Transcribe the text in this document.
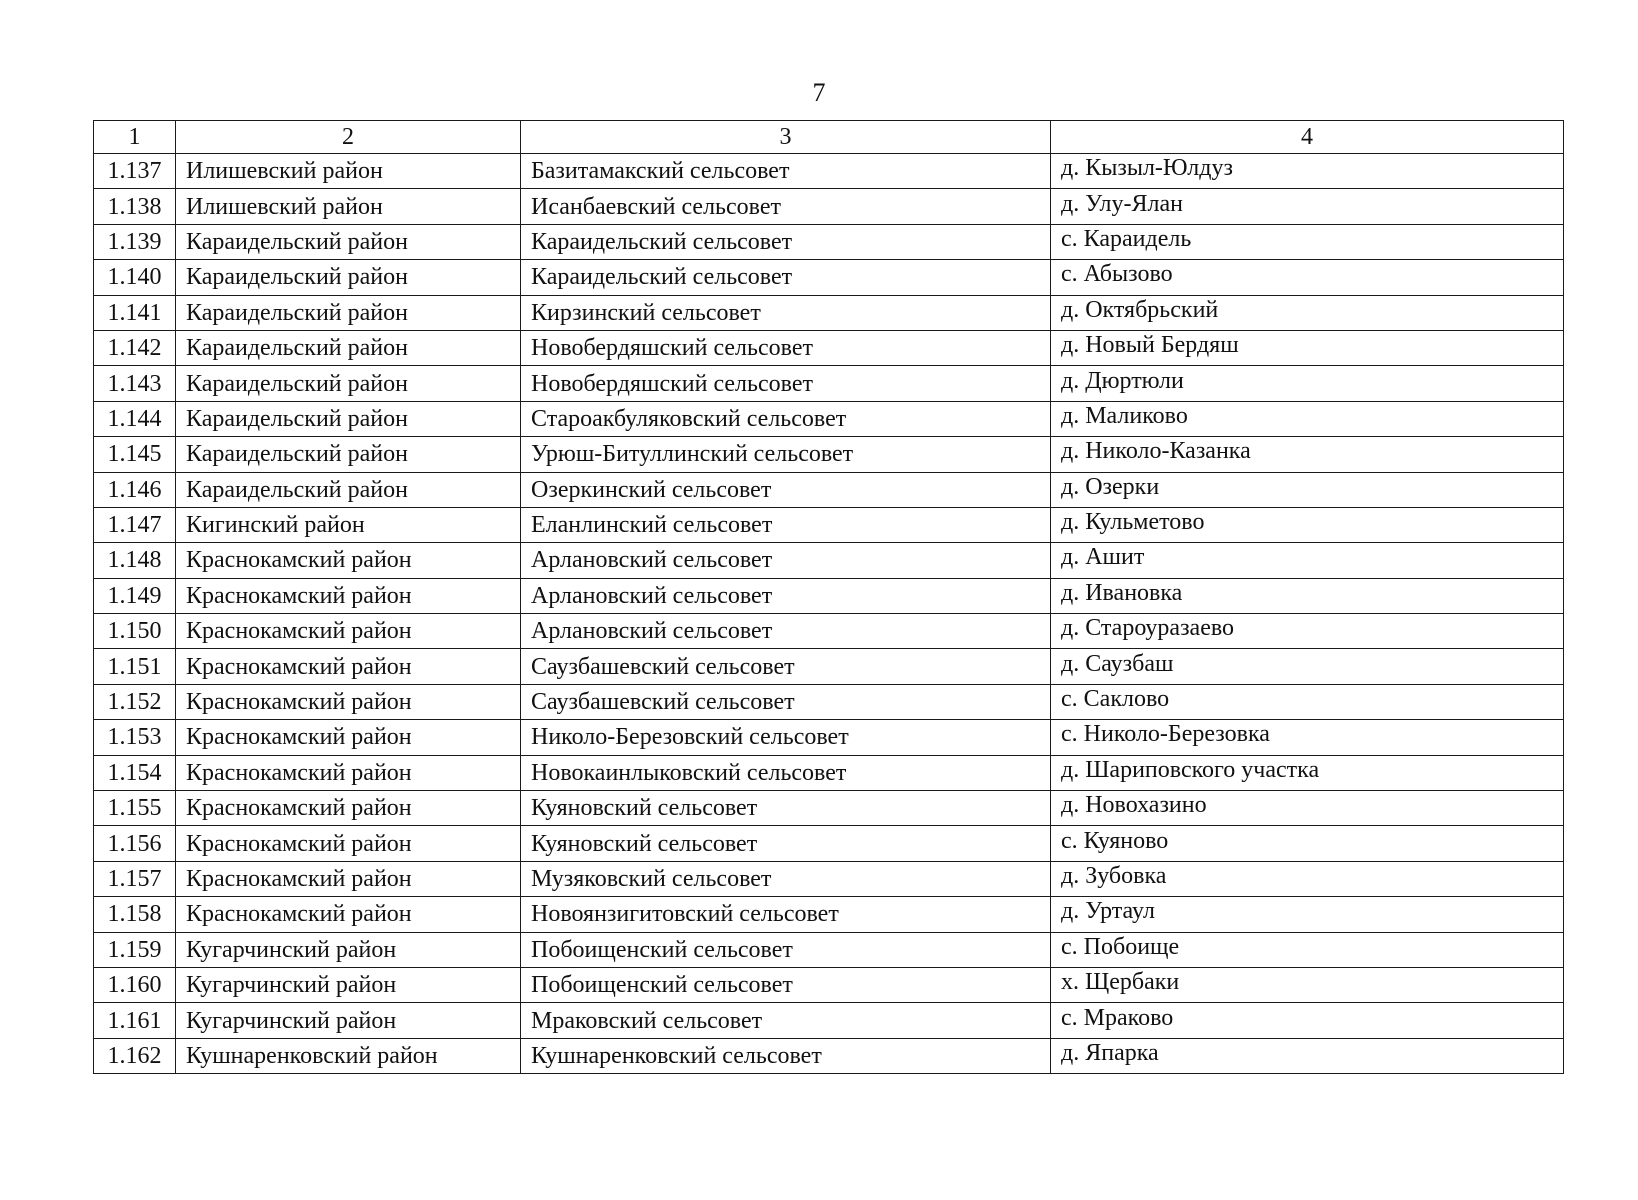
7
1	2	3	4
1.137	Илишевский район	Базитамакский сельсовет	д. Кызыл-Юлдуз
1.138	Илишевский район	Исанбаевский сельсовет	д. Улу-Ялан
1.139	Караидельский район	Караидельский сельсовет	с. Караидель
1.140	Караидельский район	Караидельский сельсовет	с. Абызово
1.141	Караидельский район	Кирзинский сельсовет	д. Октябрьский
1.142	Караидельский район	Новобердяшский сельсовет	д. Новый Бердяш
1.143	Караидельский район	Новобердяшский сельсовет	д. Дюртюли
1.144	Караидельский район	Староакбуляковский сельсовет	д. Маликово
1.145	Караидельский район	Урюш-Битуллинский сельсовет	д. Николо-Казанка
1.146	Караидельский район	Озеркинский сельсовет	д. Озерки
1.147	Кигинский район	Еланлинский сельсовет	д. Кульметово
1.148	Краснокамский район	Арлановский сельсовет	д. Ашит
1.149	Краснокамский район	Арлановский сельсовет	д. Ивановка
1.150	Краснокамский район	Арлановский сельсовет	д. Староуразаево
1.151	Краснокамский район	Саузбашевский сельсовет	д. Саузбаш
1.152	Краснокамский район	Саузбашевский сельсовет	с. Саклово
1.153	Краснокамский район	Николо-Березовский сельсовет	с. Николо-Березовка
1.154	Краснокамский район	Новокаинлыковский сельсовет	д. Шариповского участка
1.155	Краснокамский район	Куяновский сельсовет	д. Новохазино
1.156	Краснокамский район	Куяновский сельсовет	с. Куяново
1.157	Краснокамский район	Музяковский сельсовет	д. Зубовка
1.158	Краснокамский район	Новоянзигитовский сельсовет	д. Уртаул
1.159	Кугарчинский район	Побоищенский сельсовет	с. Побоище
1.160	Кугарчинский район	Побоищенский сельсовет	х. Щербаки
1.161	Кугарчинский район	Мраковский сельсовет	с. Мраково
1.162	Кушнаренковский район	Кушнаренковский сельсовет	д. Япарка
